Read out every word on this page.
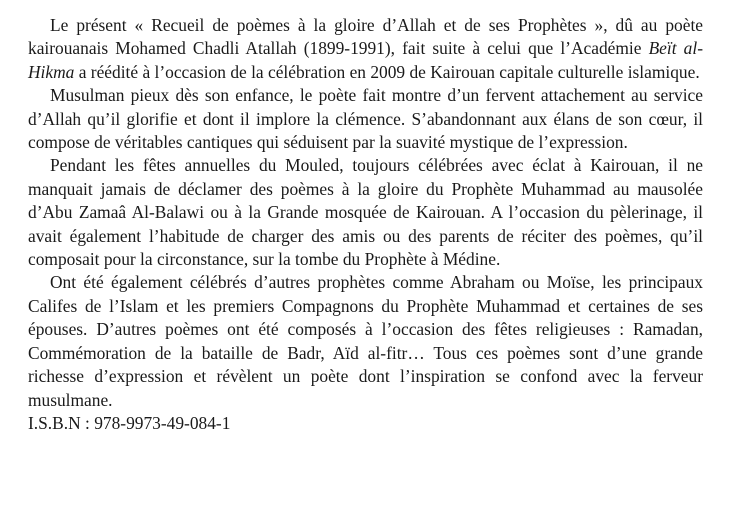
Le présent « Recueil de poèmes à la gloire d’Allah et de ses Prophètes », dû au poète kairouanais Mohamed Chadli Atallah (1899-1991), fait suite à celui que l’Académie Beït al-Hikma a réédité à l’occasion de la célébration en 2009 de Kairouan capitale culturelle islamique.

Musulman pieux dès son enfance, le poète fait montre d’un fervent attachement au service d’Allah qu’il glorifie et dont il implore la clémence. S’abandonnant aux élans de son cœur, il compose de véritables cantiques qui séduisent par la suavité mystique de l’expression.

Pendant les fêtes annuelles du Mouled, toujours célébrées avec éclat à Kairouan, il ne manquait jamais de déclamer des poèmes à la gloire du Prophète Muhammad au mausolée d’Abu Zamaâ Al-Balawi ou à la Grande mosquée de Kairouan. A l’occasion du pèlerinage, il avait également l’habitude de charger des amis ou des parents de réciter des poèmes, qu’il composait pour la circonstance, sur la tombe du Prophète à Médine.

Ont été également célébrés d’autres prophètes comme Abraham ou Moïse, les principaux Califes de l’Islam et les premiers Compagnons du Prophète Muhammad et certaines de ses épouses. D’autres poèmes ont été composés à l’occasion des fêtes religieuses : Ramadan, Commémoration de la bataille de Badr, Aïd al-fitr… Tous ces poèmes sont d’une grande richesse d’expression et révèlent un poète dont l’inspiration se confond avec la ferveur musulmane.

I.S.B.N : 978-9973-49-084-1
